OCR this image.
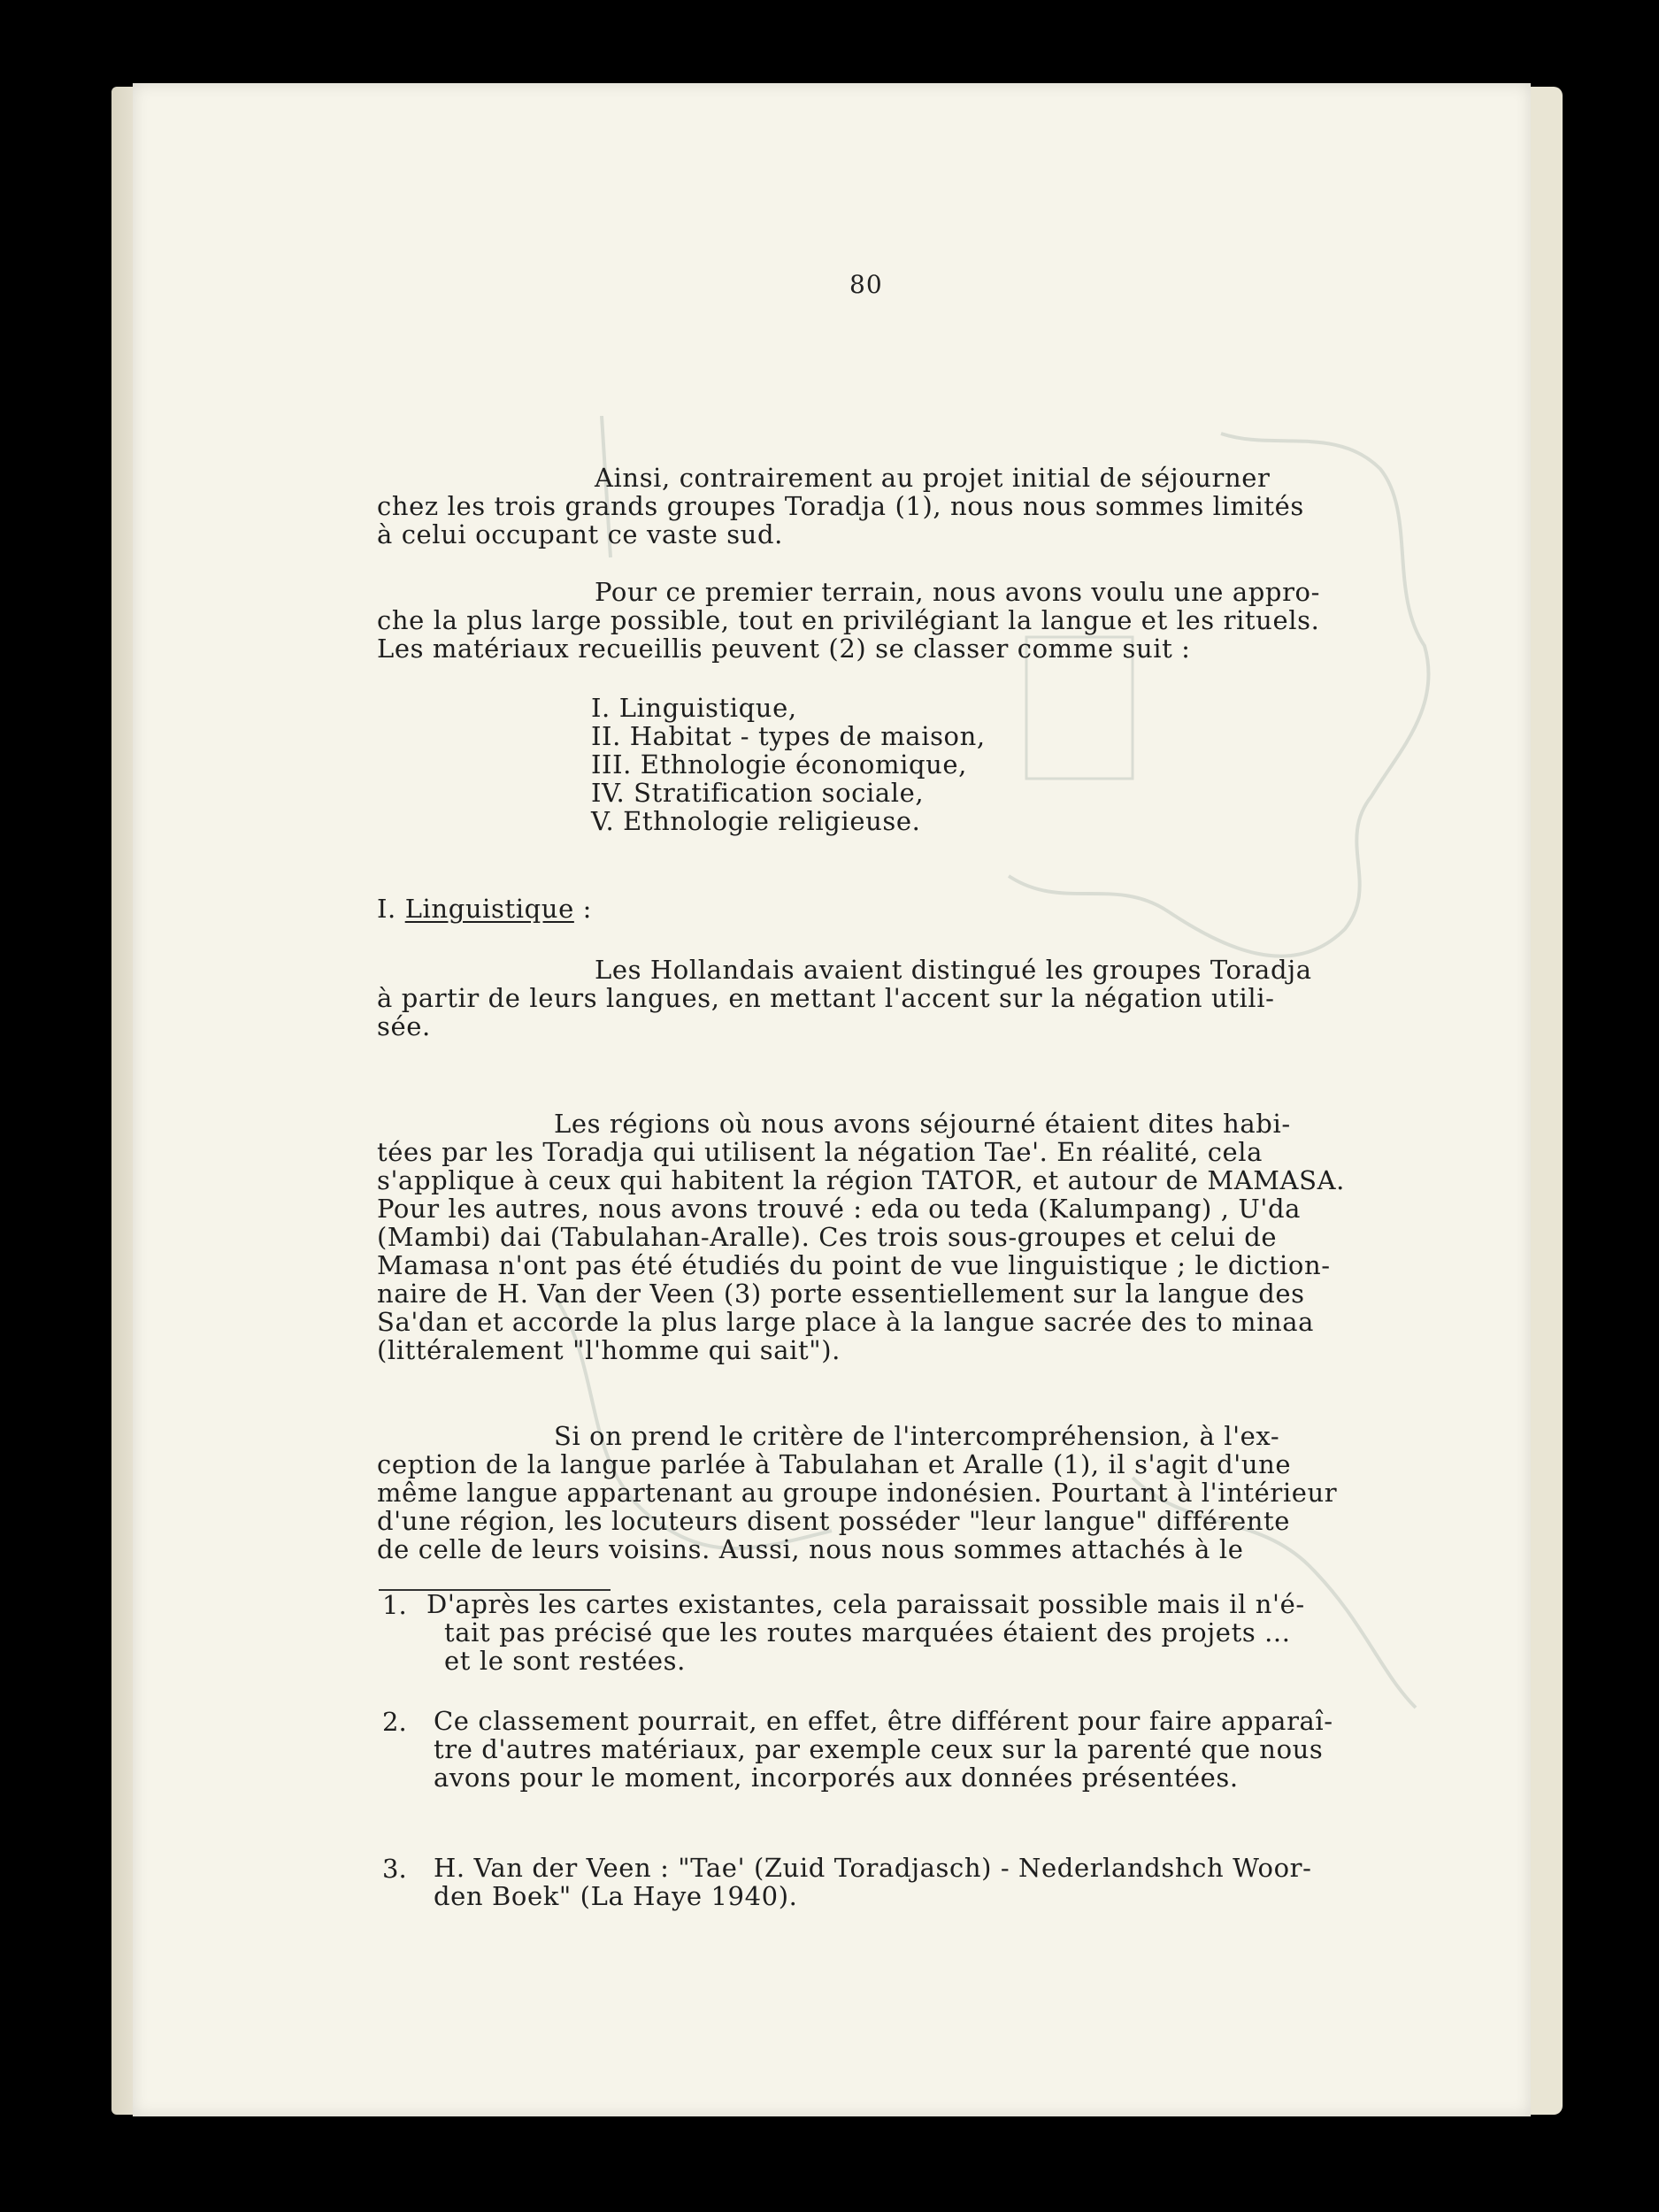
80
Ainsi, contrairement au projet initial de séjourner
chez les trois grands groupes Toradja (1), nous nous sommes limités
à celui occupant ce vaste sud.
Pour ce premier terrain, nous avons voulu une appro-
che la plus large possible, tout en privilégiant la langue et les rituels.
Les matériaux recueillis peuvent (2) se classer comme suit :
I. Linguistique,
II. Habitat - types de maison,
III. Ethnologie économique,
IV. Stratification sociale,
V. Ethnologie religieuse.
I. Linguistique :
Les Hollandais avaient distingué les groupes Toradja
à partir de leurs langues, en mettant l'accent sur la négation utili-
sée.
Les régions où nous avons séjourné étaient dites habi-
tées par les Toradja qui utilisent la négation Tae'. En réalité, cela
s'applique à ceux qui habitent la région TATOR, et autour de MAMASA.
Pour les autres, nous avons trouvé : eda ou teda (Kalumpang) , U'da
(Mambi) dai (Tabulahan-Aralle). Ces trois sous-groupes et celui de
Mamasa n'ont pas été étudiés du point de vue linguistique ; le diction-
naire de H. Van der Veen (3) porte essentiellement sur la langue des
Sa'dan et accorde la plus large place à la langue sacrée des to minaa
(littéralement "l'homme qui sait").
Si on prend le critère de l'intercompréhension, à l'ex-
ception de la langue parlée à Tabulahan et Aralle (1), il s'agit d'une
même langue appartenant au groupe indonésien. Pourtant à l'intérieur
d'une région, les locuteurs disent posséder "leur langue" différente
de celle de leurs voisins. Aussi, nous nous sommes attachés à le
1. D'après les cartes existantes, cela paraissait possible mais il n'é-
tait pas précisé que les routes marquées étaient des projets ...
et le sont restées.
2. Ce classement pourrait, en effet, être différent pour faire apparaî-
tre d'autres matériaux, par exemple ceux sur la parenté que nous
avons pour le moment, incorporés aux données présentées.
3. H. Van der Veen : "Tae' (Zuid Toradjasch) - Nederlandshch Woor-
den Boek" (La Haye 1940).
